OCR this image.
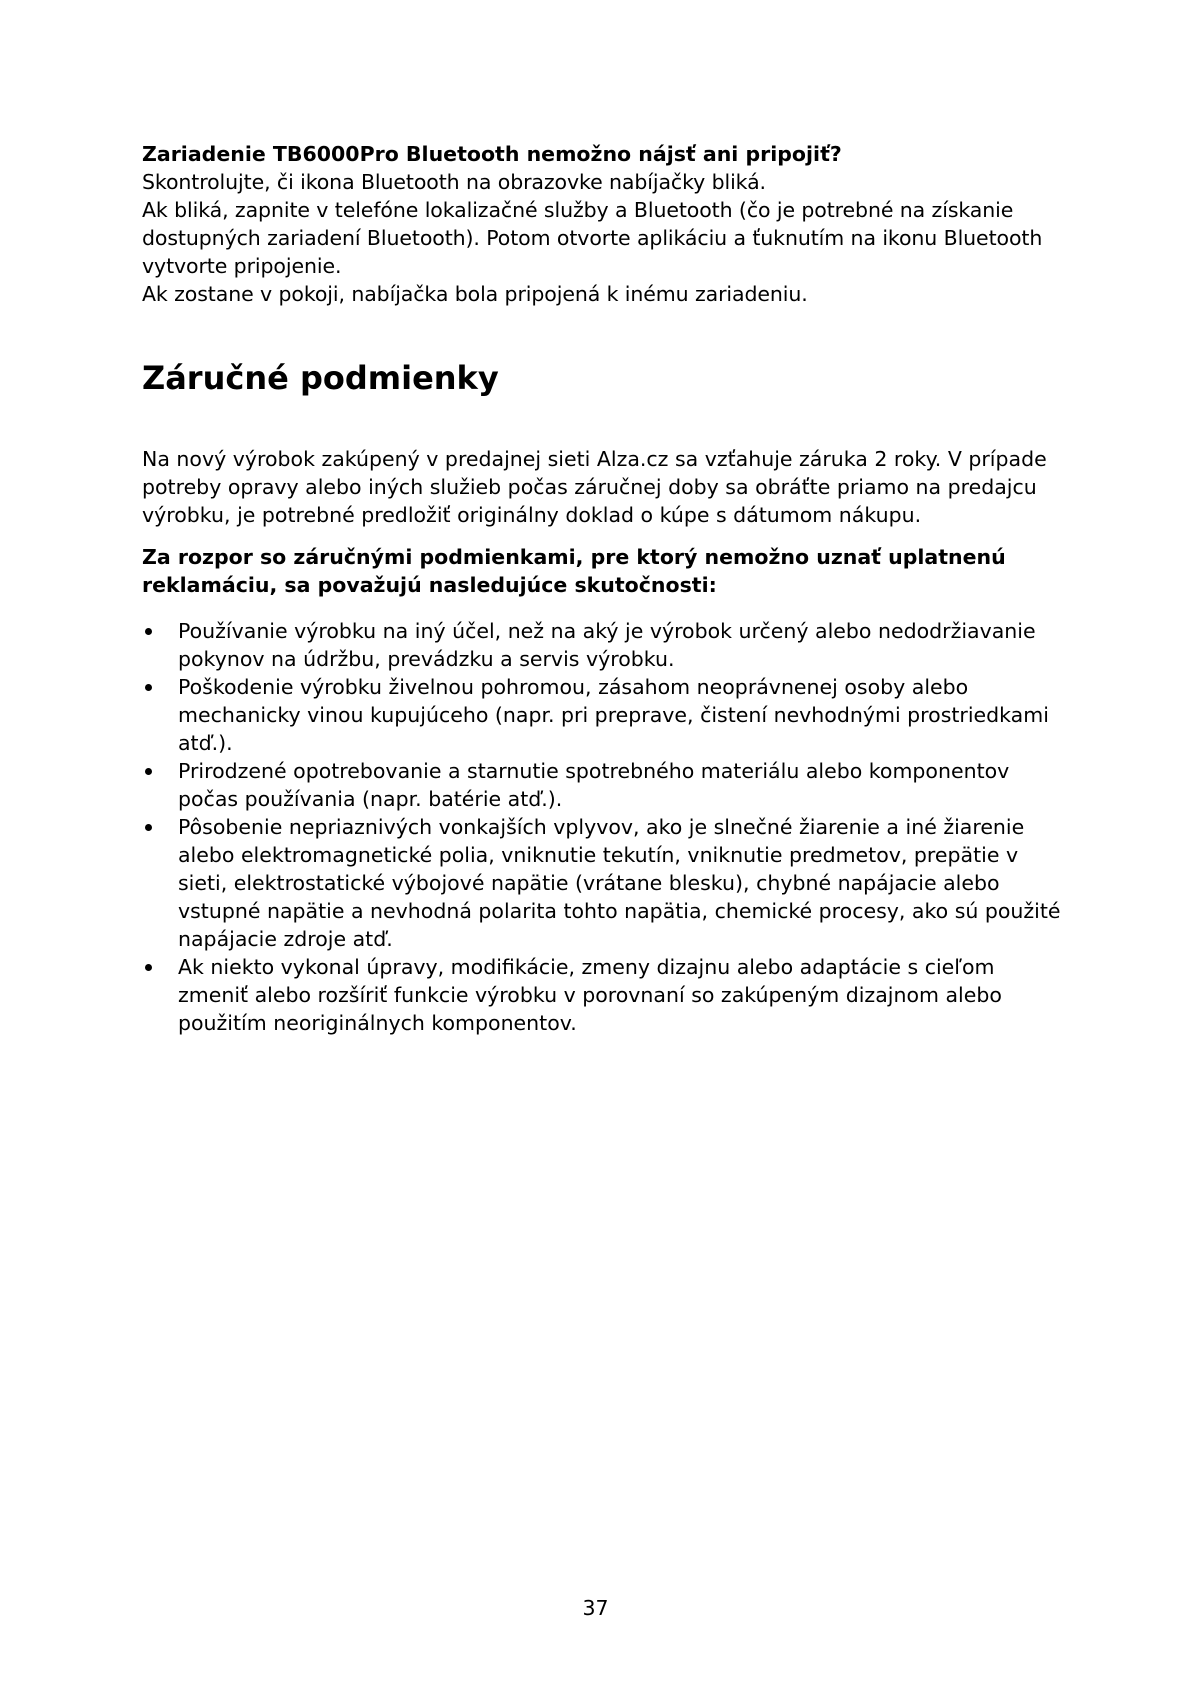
Zariadenie TB6000Pro Bluetooth nemožno nájsť ani pripojiť?

Skontrolujte, či ikona Bluetooth na obrazovke nabíjačky bliká.

Ak bliká, zapnite v telefóne lokalizačné služby a Bluetooth (čo je potrebné na získanie

dostupných zariadení Bluetooth). Potom otvorte aplikáciu a ťuknutím na ikonu Bluetooth

vytvorte pripojenie.

Ak zostane v pokoji, nabíjačka bola pripojená k inému zariadeniu.

Záručné podmienky

Na nový výrobok zakúpený v predajnej sieti Alza.cz sa vzťahuje záruka 2 roky. V prípade potreby opravy alebo iných služieb počas záručnej doby sa obráťte priamo na predajcu výrobku, je potrebné predložiť originálny doklad o kúpe s dátumom nákupu.

Za rozpor so záručnými podmienkami, pre ktorý nemožno uznať uplatnenú reklamáciu, sa považujú nasledujúce skutočnosti:

Používanie výrobku na iný účel, než na aký je výrobok určený alebo nedodržiavanie pokynov na údržbu, prevádzku a servis výrobku.
Poškodenie výrobku živelnou pohromou, zásahom neoprávnenej osoby alebo mechanicky vinou kupujúceho (napr. pri preprave, čistení nevhodnými prostriedkami atď.).
Prirodzené opotrebovanie a starnutie spotrebného materiálu alebo komponentov počas používania (napr. batérie atď.).
Pôsobenie nepriaznivých vonkajších vplyvov, ako je slnečné žiarenie a iné žiarenie alebo elektromagnetické polia, vniknutie tekutín, vniknutie predmetov, prepätie v sieti, elektrostatické výbojové napätie (vrátane blesku), chybné napájacie alebo vstupné napätie a nevhodná polarita tohto napätia, chemické procesy, ako sú použité napájacie zdroje atď.
Ak niekto vykonal úpravy, modifikácie, zmeny dizajnu alebo adaptácie s cieľom zmeniť alebo rozšíriť funkcie výrobku v porovnaní so zakúpeným dizajnom alebo použitím neoriginálnych komponentov.
37
